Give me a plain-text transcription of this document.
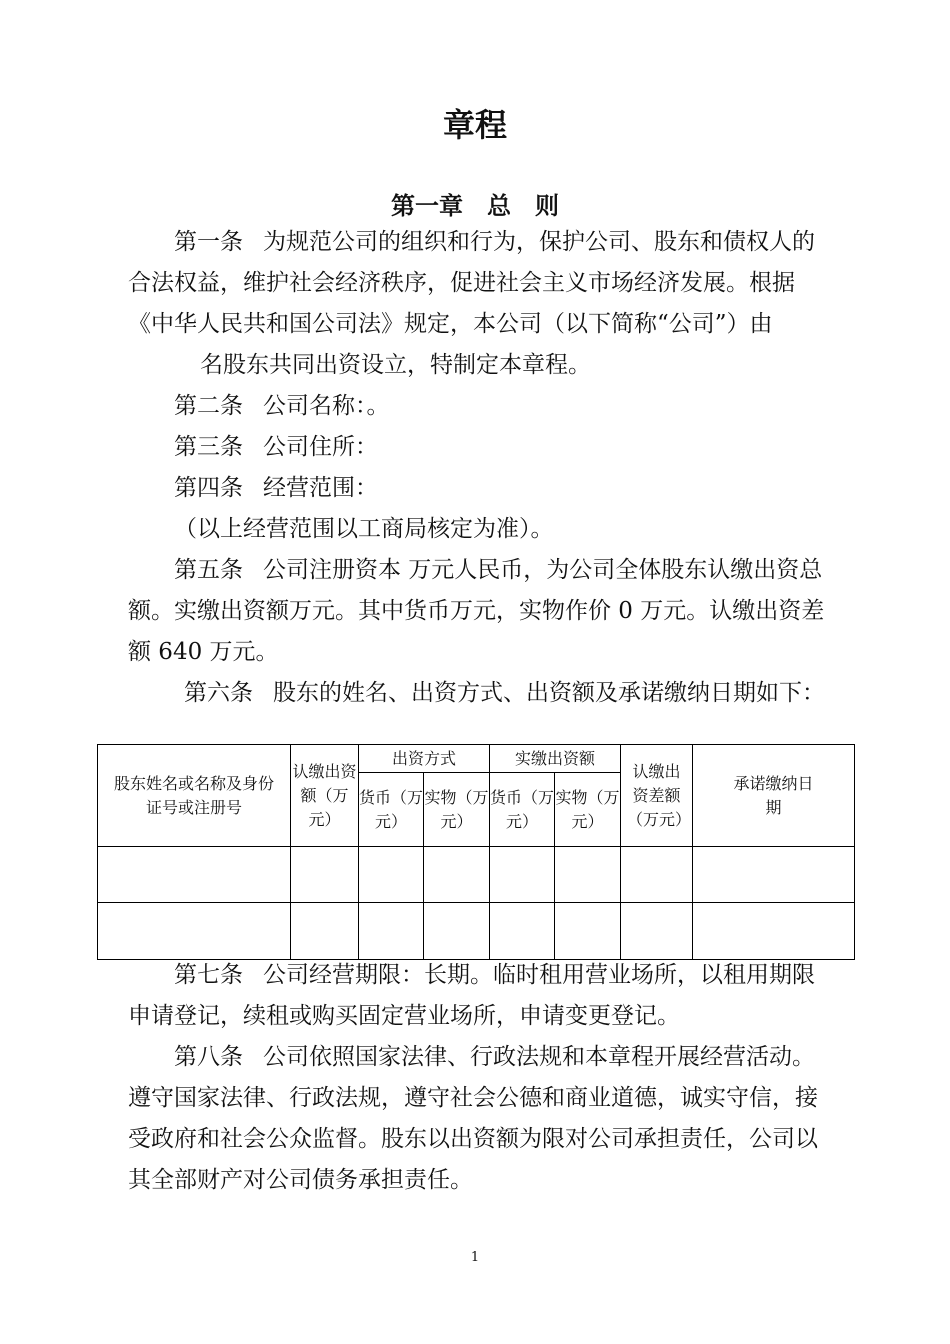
章程
第一章　总　则

第一条 为规范公司的组织和行为，保护公司、股东和债权人的合法权益，维护社会经济秩序，促进社会主义市场经济发展。根据《中华人民共和国公司法》规定，本公司（以下简称“公司”）由名股东共同出资设立，特制定本章程。

第二条 公司名称：。

第三条 公司住所：

第四条 经营范围：

（以上经营范围以工商局核定为准）。

第五条 公司注册资本 万元人民币，为公司全体股东认缴出资总额。实缴出资额万元。其中货币万元，实物作价 0 万元。认缴出资差额 640 万元。

第六条 股东的姓名、出资方式、出资额及承诺缴纳日期如下：

股东姓名或名称及身份证号或注册号	认缴出资额（万元）	出资方式		实缴出资额		认缴出资差额（万元）	承诺缴纳日期
		货币（万元）	实物（万元）	货币（万元）	实物（万元）		

第七条 公司经营期限：长期。临时租用营业场所，以租用期限申请登记，续租或购买固定营业场所，申请变更登记。

第八条 公司依照国家法律、行政法规和本章程开展经营活动。遵守国家法律、行政法规，遵守社会公德和商业道德，诚实守信，接受政府和社会公众监督。股东以出资额为限对公司承担责任，公司以其全部财产对公司债务承担责任。

1
